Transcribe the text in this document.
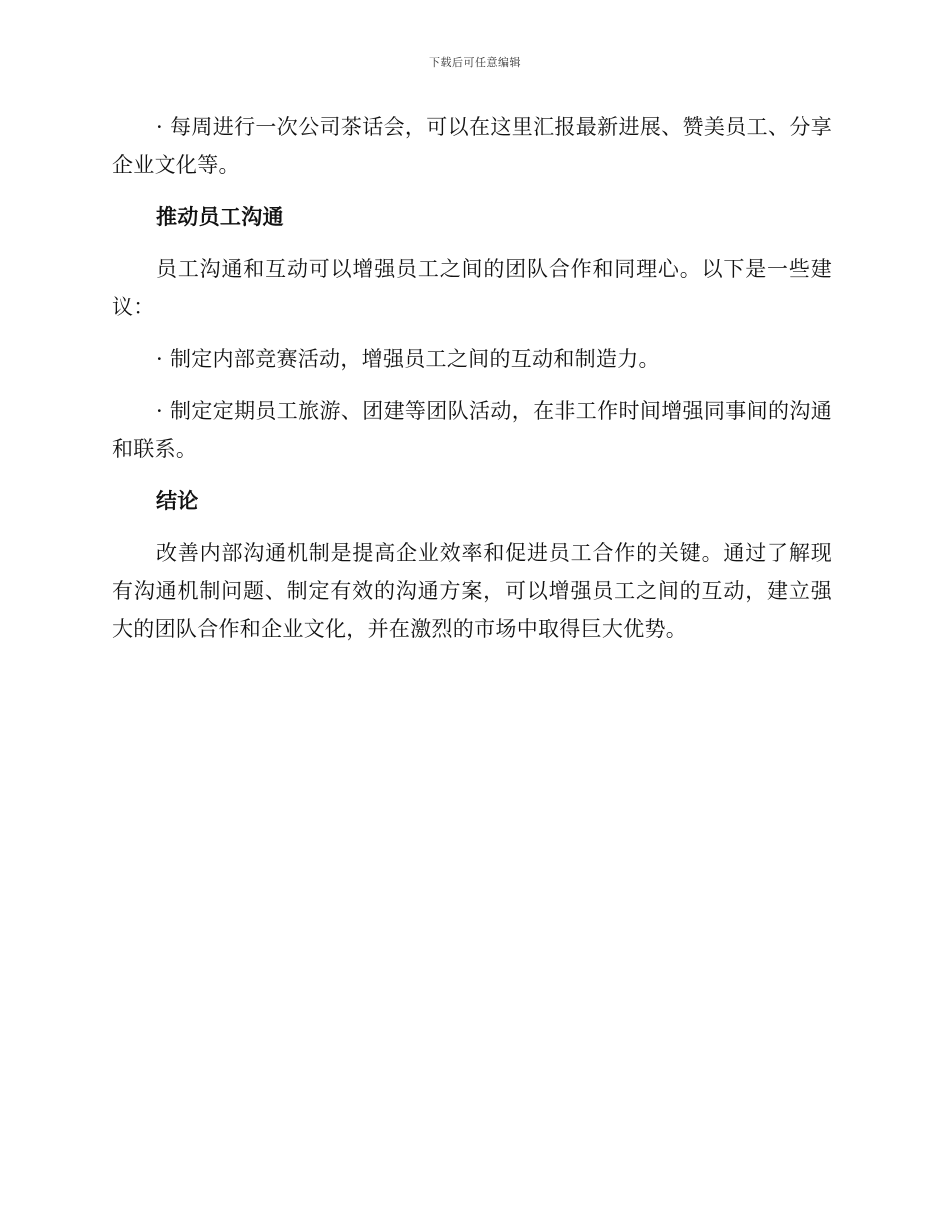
下载后可任意编辑

· 每周进行一次公司茶话会，可以在这里汇报最新进展、赞美员工、分享企业文化等。

推动员工沟通

员工沟通和互动可以增强员工之间的团队合作和同理心。以下是一些建议：

· 制定内部竞赛活动，增强员工之间的互动和制造力。

· 制定定期员工旅游、团建等团队活动，在非工作时间增强同事间的沟通和联系。

结论

改善内部沟通机制是提高企业效率和促进员工合作的关键。通过了解现有沟通机制问题、制定有效的沟通方案，可以增强员工之间的互动，建立强大的团队合作和企业文化，并在激烈的市场中取得巨大优势。
